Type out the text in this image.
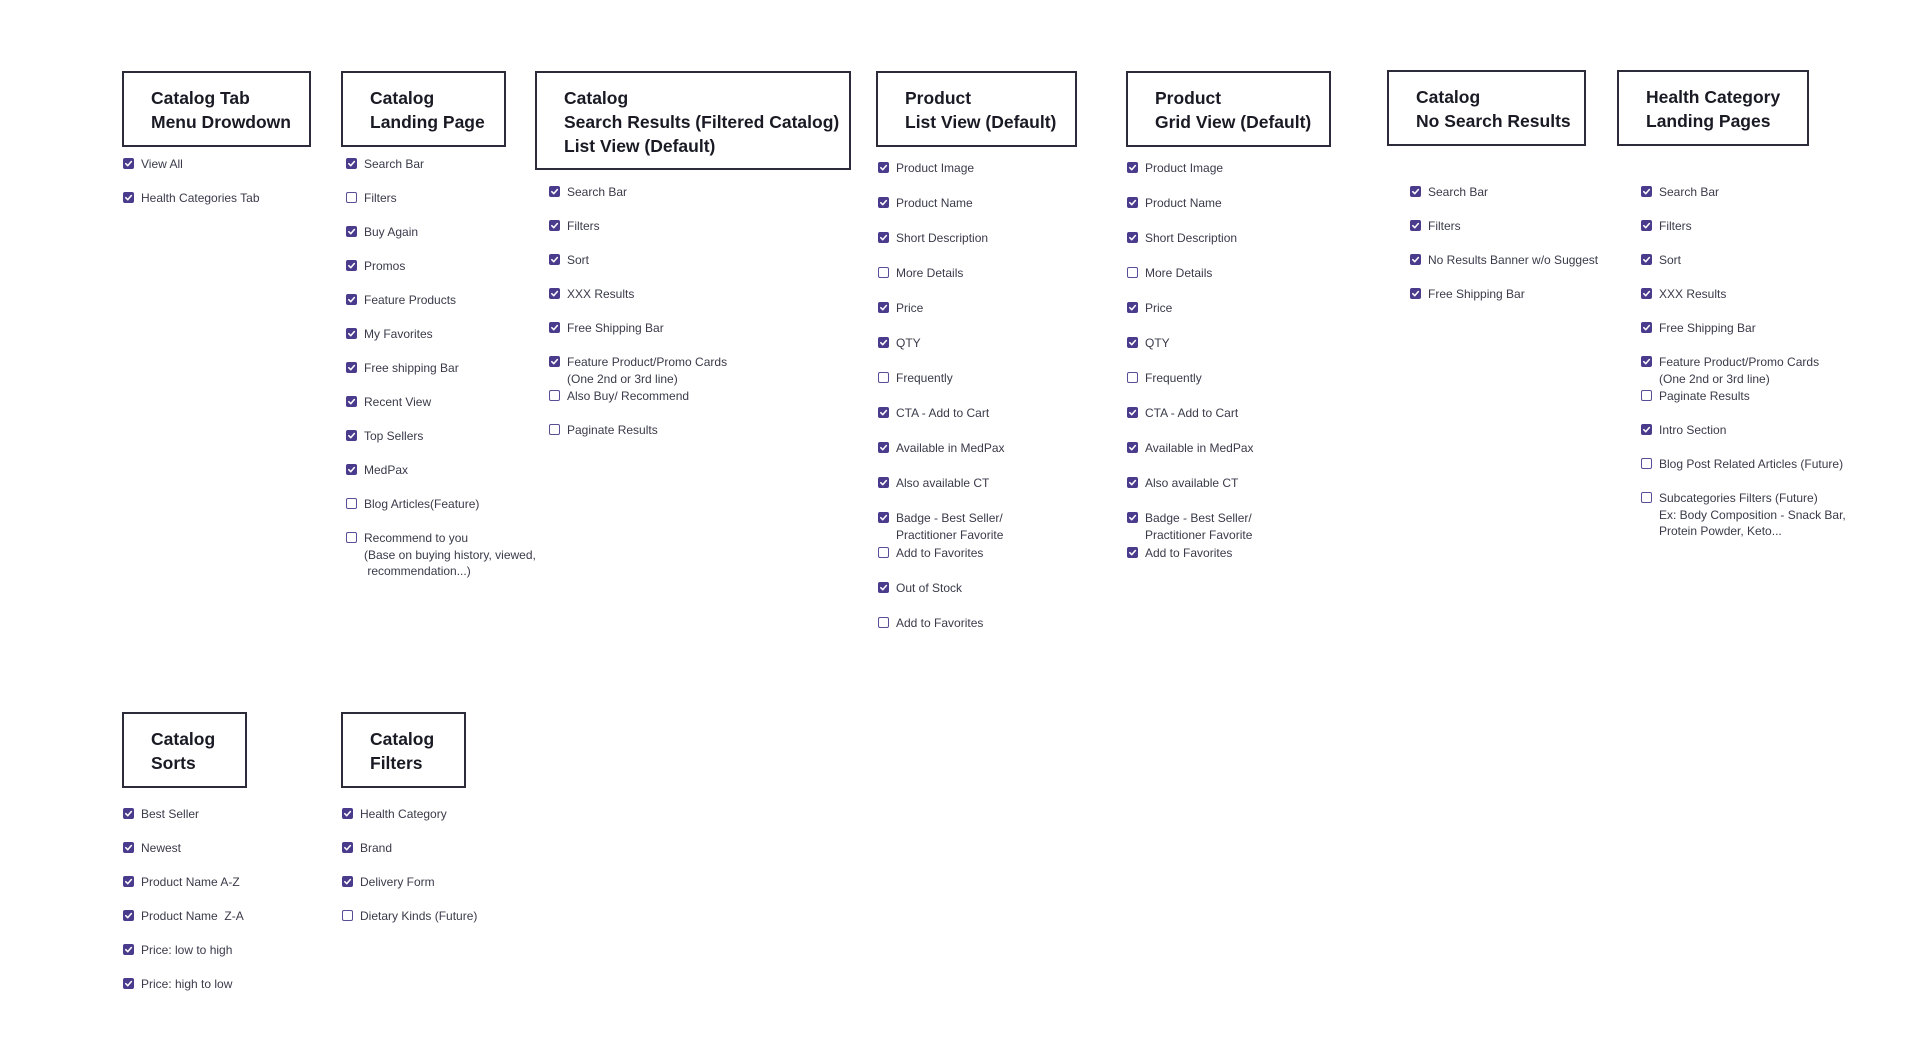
Catalog Tab
Menu Drowdown
View All
Health Categories Tab
Catalog
Landing Page
Search Bar
Filters
Buy Again
Promos
Feature Products
My Favorites
Free shipping Bar
Recent View
Top Sellers
MedPax
Blog Articles(Feature)
Recommend to you
(Base on buying history, viewed,
recommendation...)
Catalog
Search Results (Filtered Catalog)
List View (Default)
Search Bar
Filters
Sort
XXX Results
Free Shipping Bar
Feature Product/Promo Cards
(One 2nd or 3rd line)
Also Buy/ Recommend
Paginate Results
Product
List View (Default)
Product Image
Product Name
Short Description
More Details
Price
QTY
Frequently
CTA - Add to Cart
Available in MedPax
Also available CT
Badge - Best Seller/
Practitioner Favorite
Add to Favorites
Out of Stock
Add to Favorites
Product
Grid View (Default)
Product Image
Product Name
Short Description
More Details
Price
QTY
Frequently
CTA - Add to Cart
Available in MedPax
Also available CT
Badge - Best Seller/
Practitioner Favorite
Add to Favorites
Catalog
No Search Results
Search Bar
Filters
No Results Banner w/o Suggest
Free Shipping Bar
Health Category
Landing Pages
Search Bar
Filters
Sort
XXX Results
Free Shipping Bar
Feature Product/Promo Cards
(One 2nd or 3rd line)
Paginate Results
Intro Section
Blog Post Related Articles (Future)
Subcategories Filters (Future)
Ex: Body Composition - Snack Bar,
Protein Powder, Keto...
Catalog
Sorts
Best Seller
Newest
Product Name A-Z
Product Name  Z-A
Price: low to high
Price: high to low
Catalog
Filters
Health Category
Brand
Delivery Form
Dietary Kinds (Future)
